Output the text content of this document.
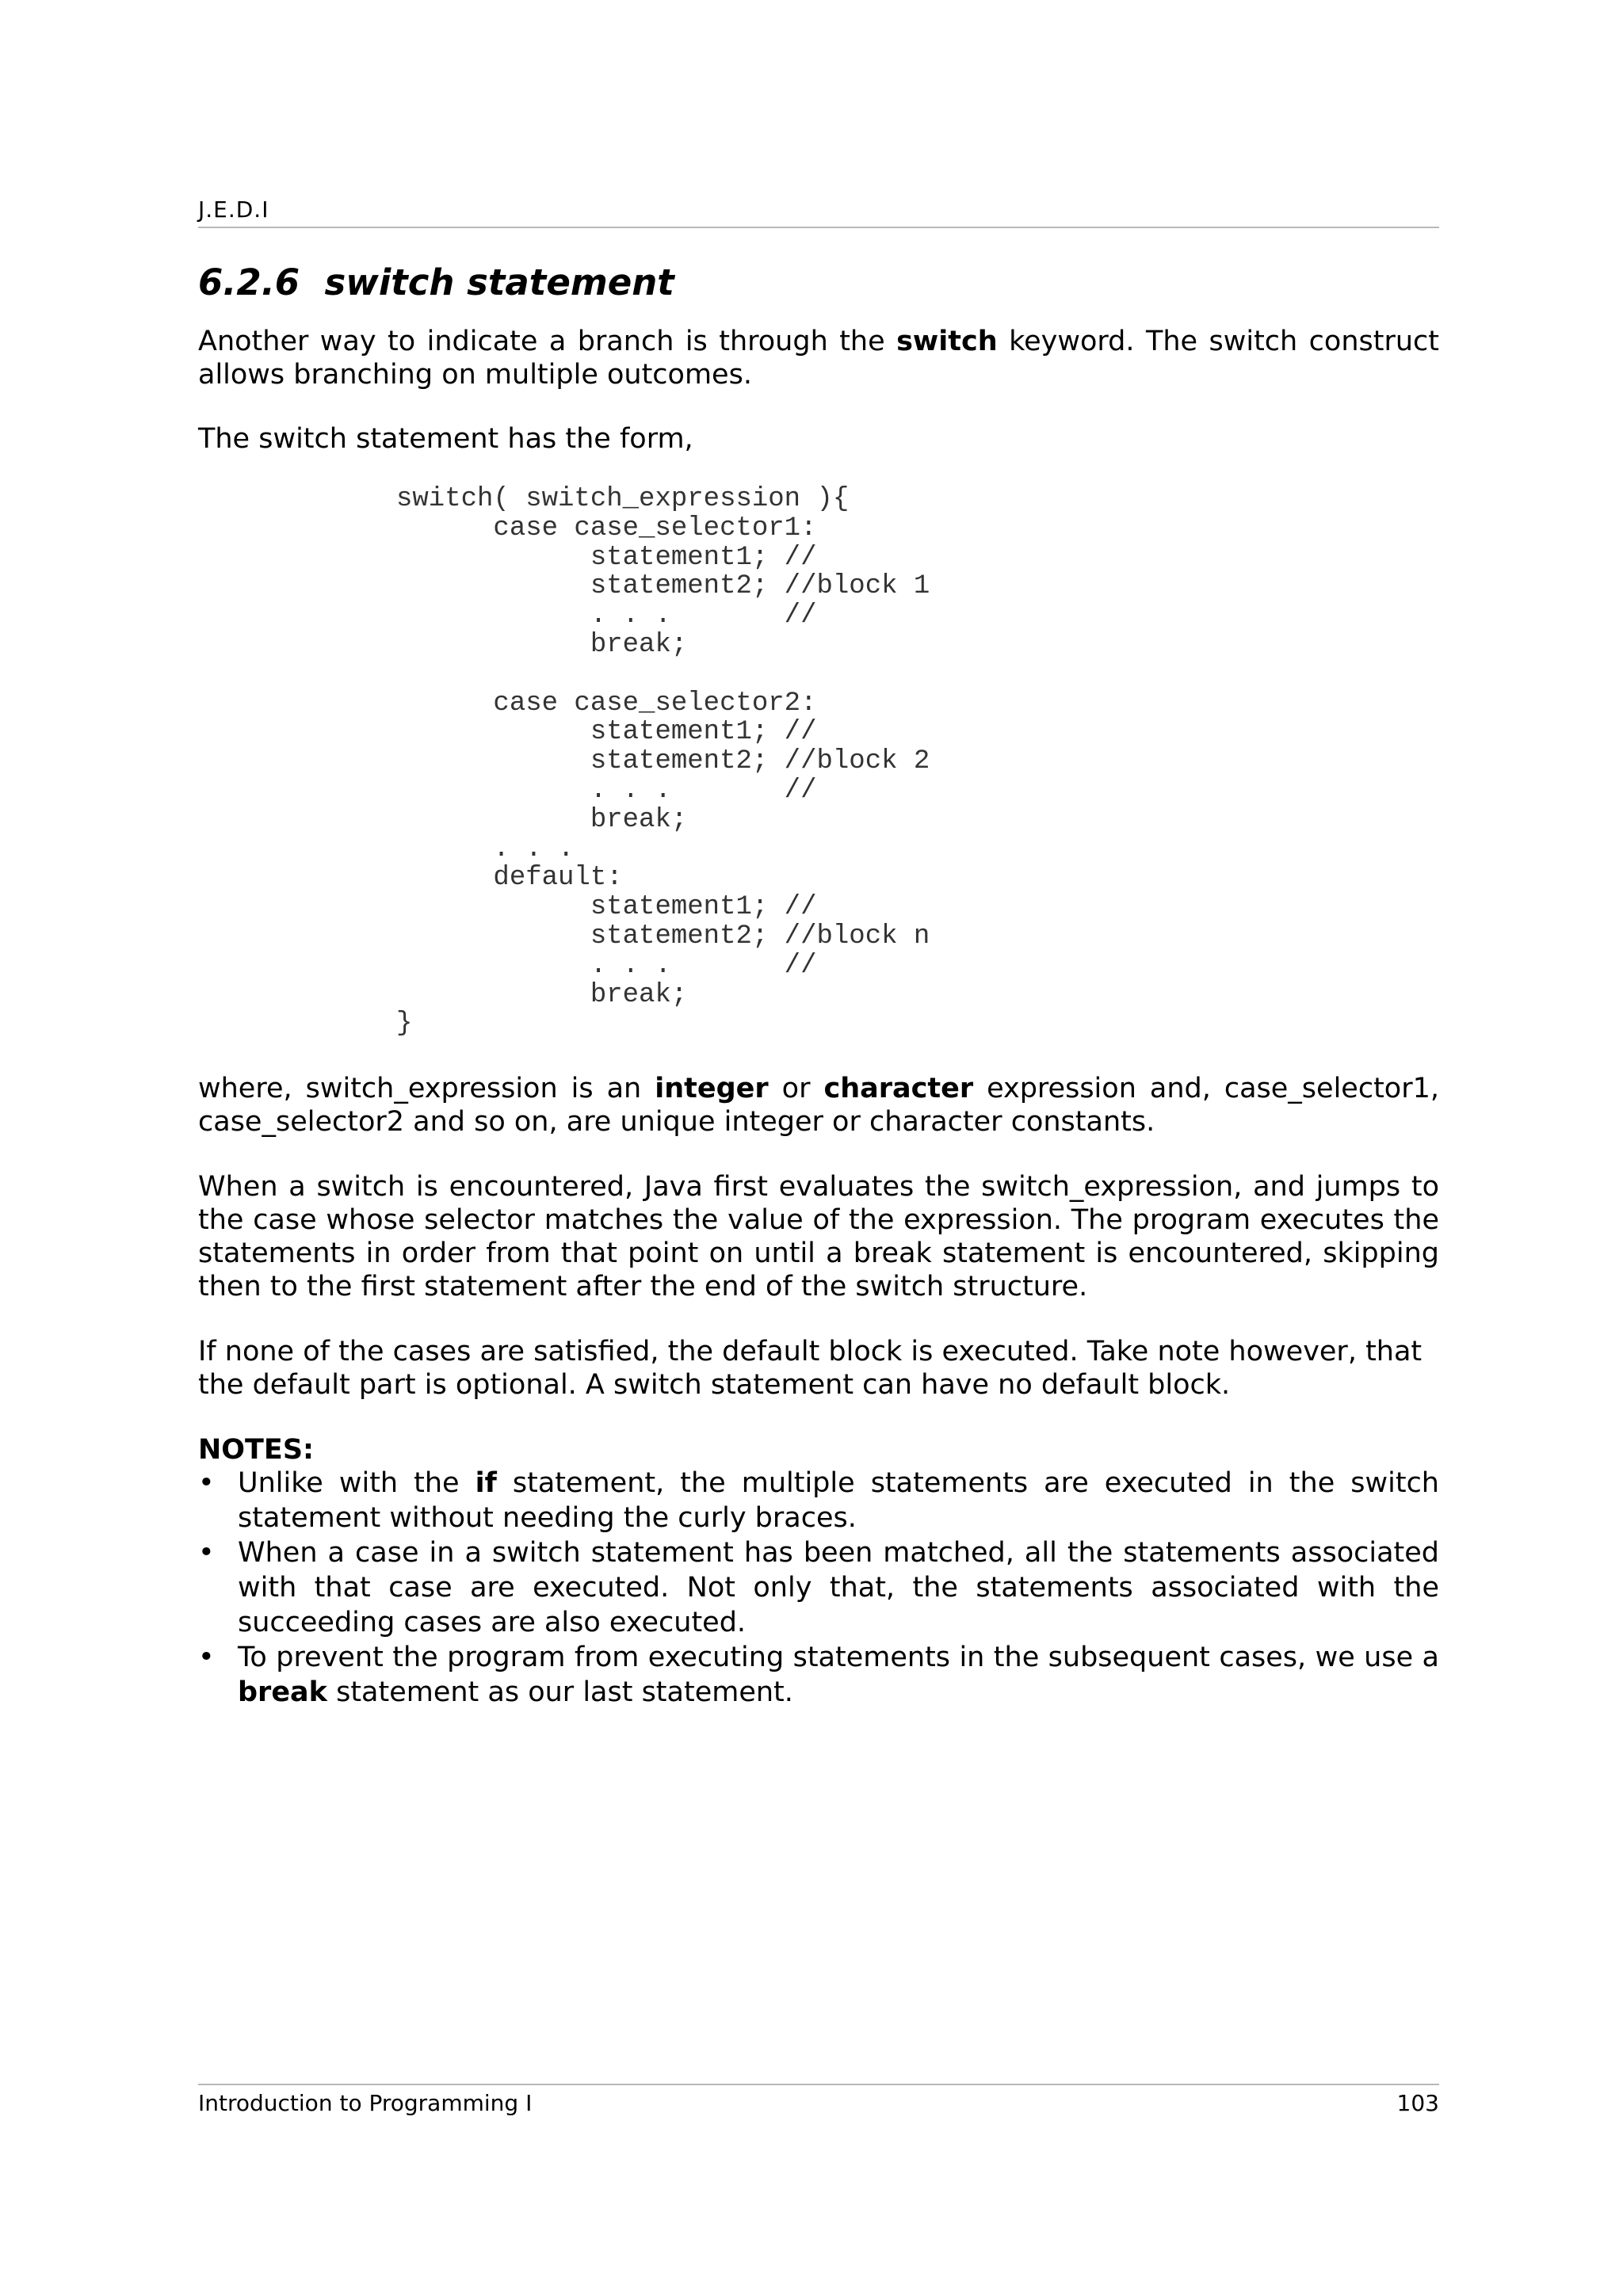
J.E.D.I
6.2.6 switch statement

Another way to indicate a branch is through the switch keyword. The switch construct allows branching on multiple outcomes.

The switch statement has the form,

switch( switch_expression ){
case case_selector1:
statement1; //
statement2; //block 1
. . .       //
break;

case case_selector2:
statement1; //
statement2; //block 2
. . .       //
break;
. . .
default:
statement1; //
statement2; //block n
. . .       //
break;
}

where, switch_expression is an integer or character expression and, case_selector1, case_selector2 and so on, are unique integer or character constants.

When a switch is encountered, Java first evaluates the switch_expression, and jumps to the case whose selector matches the value of the expression. The program executes the statements in order from that point on until a break statement is encountered, skipping then to the first statement after the end of the switch structure.

If none of the cases are satisfied, the default block is executed. Take note however, that the default part is optional. A switch statement can have no default block.

NOTES:
• Unlike with the if statement, the multiple statements are executed in the switch statement without needing the curly braces.
• When a case in a switch statement has been matched, all the statements associated with that case are executed. Not only that, the statements associated with the succeeding cases are also executed.
• To prevent the program from executing statements in the subsequent cases, we use a break statement as our last statement.
Introduction to Programming I	103
